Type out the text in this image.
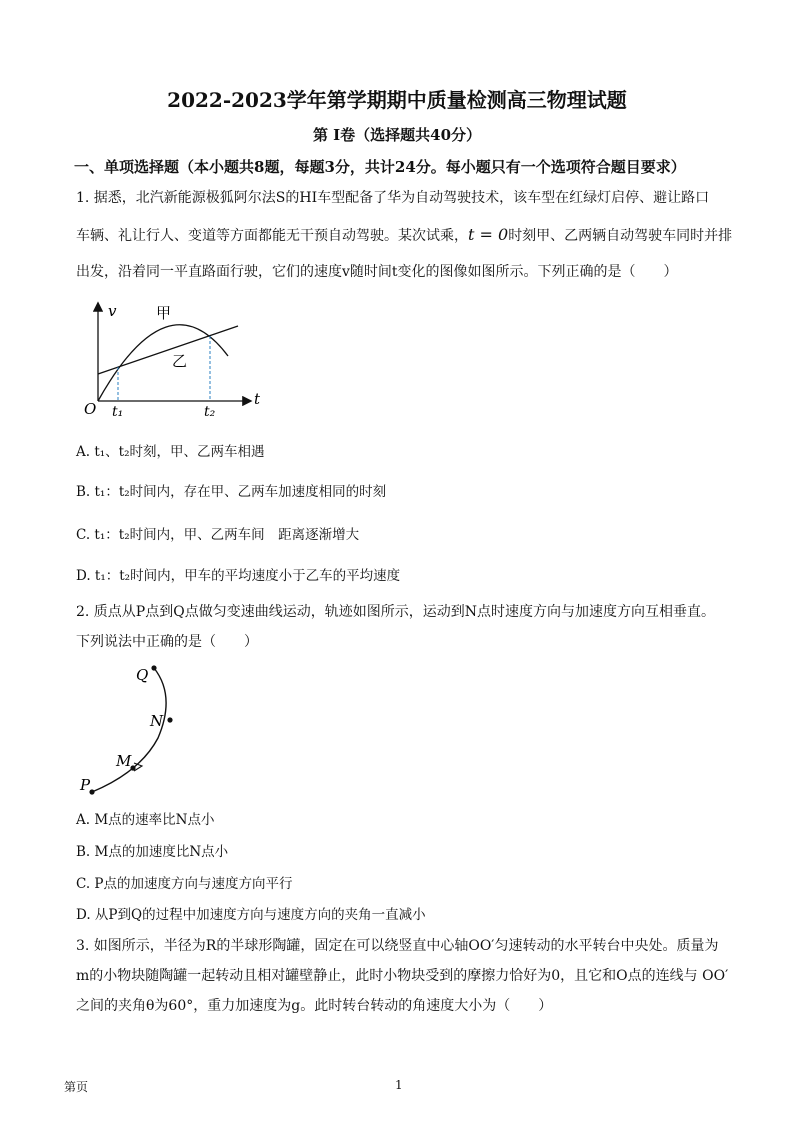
2022-2023学年第学期期中质量检测高三物理试题
第 I卷（选择题共40分）
一、单项选择题（本小题共8题，每题3分，共计24分。每小题只有一个选项符合题目要求）
1. 据悉，北汽新能源极狐阿尔法S的HI车型配备了华为自动驾驶技术，该车型在红绿灯启停、避让路口
车辆、礼让行人、变道等方面都能无干预自动驾驶。某次试乘，t = 0时刻甲、乙两辆自动驾驶车同时并排
出发，沿着同一平直路面行驶，它们的速度v随时间t变化的图像如图所示。下列正确的是（　　）
v
t
O t₁	t₂
甲
乙
A. t₁、t₂时刻，甲、乙两车相遇
B. t₁：t₂时间内，存在甲、乙两车加速度相同的时刻
C. t₁：t₂时间内，甲、乙两车间　距离逐渐增大
D. t₁：t₂时间内，甲车的平均速度小于乙车的平均速度
2. 质点从P点到Q点做匀变速曲线运动，轨迹如图所示，运动到N点时速度方向与加速度方向互相垂直。
下列说法中正确的是（　　）
Q
N
M
P
A. M点的速率比N点小
B. M点的加速度比N点小
C. P点的加速度方向与速度方向平行
D. 从P到Q的过程中加速度方向与速度方向的夹角一直减小
3. 如图所示，半径为R的半球形陶罐，固定在可以绕竖直中心轴OO′匀速转动的水平转台中央处。质量为
m的小物块随陶罐一起转动且相对罐壁静止，此时小物块受到的摩擦力恰好为0，且它和O点的连线与 OO′
之间的夹角θ为60°，重力加速度为g。此时转台转动的角速度大小为（　　）
第页	1
